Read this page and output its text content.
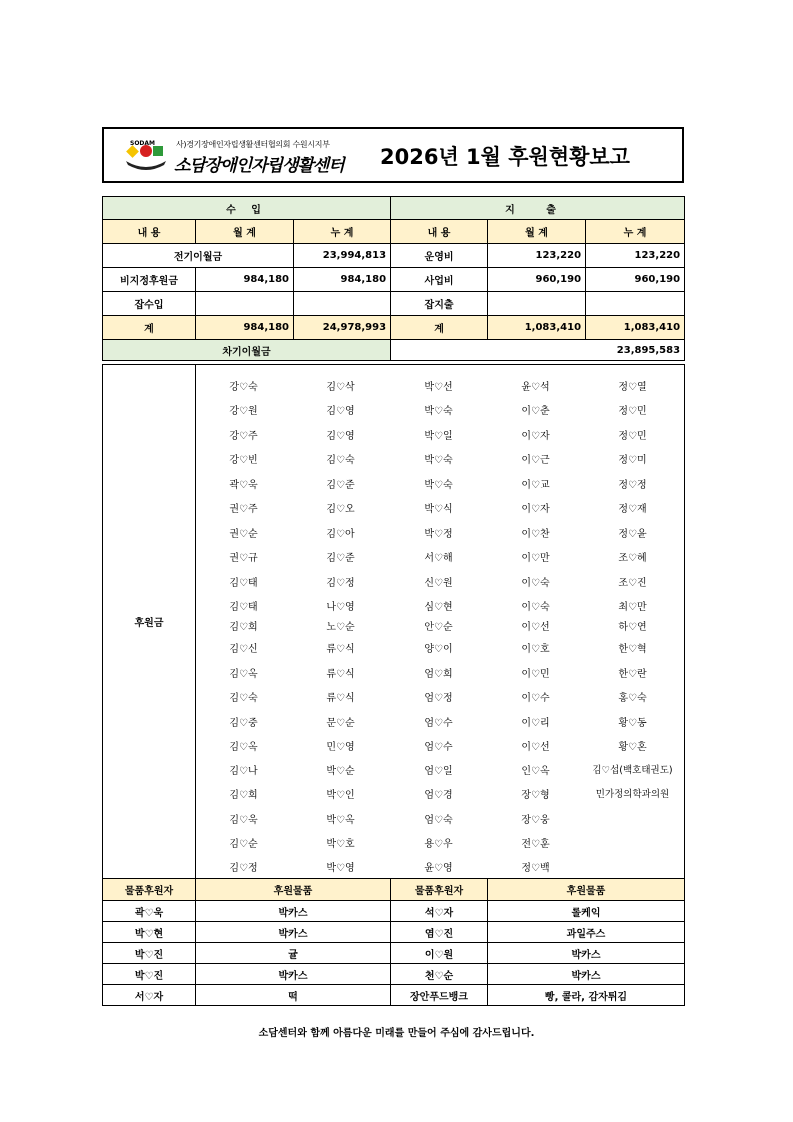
SODAM	사)경기장애인자립생활센터협의회 수원시지부
소담장애인자립생활센터 2026년 1월 후원현황보고
수 입			지 출		
내 용	월 계	누 계	내 용	월 계	누 계
전기이월금		23,994,813	운영비	123,220	123,220
비지정후원금	984,180	984,180	사업비	960,190	960,190
잡수입			잡지출		
계	984,180	24,978,993	계	1,083,410	1,083,410
차기이월금			23,895,583		
후원금	
강♡숙	김♡삭	박♡선	윤♡석	정♡열
강♡원	김♡영	박♡숙	이♡춘	정♡민
강♡주	김♡영	박♡일	이♡자	정♡민
강♡빈	김♡숙	박♡숙	이♡근	정♡미
곽♡욱	김♡준	박♡숙	이♡교	정♡정
권♡주	김♡오	박♡식	이♡자	정♡재
권♡순	김♡아	박♡정	이♡찬	정♡윤
권♡규	김♡준	서♡해	이♡만	조♡혜
김♡태	김♡정	신♡원	이♡숙	조♡진
김♡태	나♡영	심♡현	이♡숙	최♡만
김♡희	노♡순	안♡순	이♡선	하♡연
김♡신	류♡식	양♡이	이♡호	한♡혁
김♡옥	류♡식	엄♡희	이♡민	한♡란
김♡숙	류♡식	엄♡정	이♡수	홍♡숙
김♡중	문♡순	엄♡수	이♡리	황♡동
김♡옥	민♡영	엄♡수	이♡선	황♡혼
김♡나	박♡순	엄♡일	인♡옥	김♡섭(백호태권도)
김♡희	박♡인	엄♡경	장♡형	민가정의학과의원
김♡욱	박♡옥	엄♡숙	장♡웅
김♡순	박♡호	용♡우	전♡훈
김♡정	박♡영	윤♡영	정♡백
물품후원자	후원물품	물품후원자	후원물품
곽♡욱	박카스	석♡자	롤케익
박♡현	박카스	염♡진	과일주스
박♡진	귤	이♡원	박카스
박♡진	박카스	천♡순	박카스
서♡자	떡	장안푸드뱅크	빵, 콜라, 감자튀김
소담센터와 함께 아름다운 미래를 만들어 주심에 감사드립니다.
